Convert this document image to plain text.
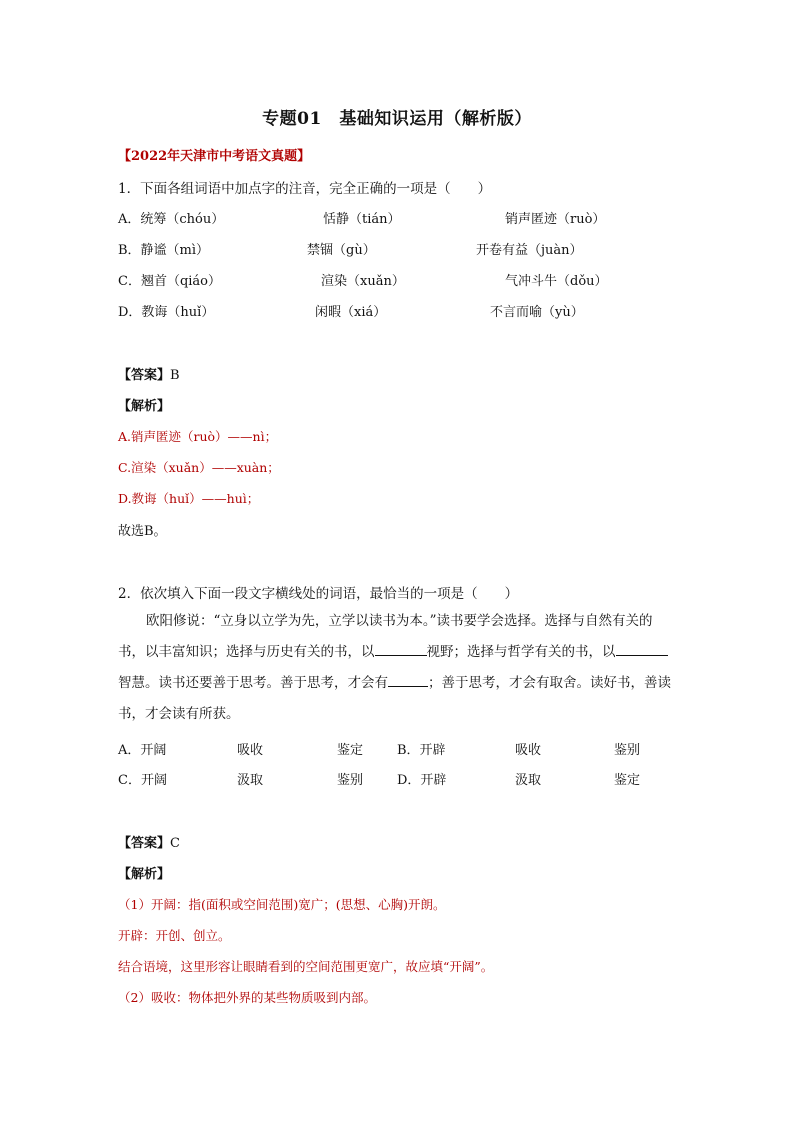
专题01　基础知识运用（解析版）
【2022年天津市中考语文真题】
1．下面各组词语中加点字的注音，完全正确的一项是（　　）
A．统筹（chóu）	恬静（tián）	销声匿迹（ruò）
B．静谧（mì）	禁锢（gù）	开卷有益（juàn）
C．翘首（qiáo）	渲染（xuǎn）	气冲斗牛（dǒu）
D．教诲（huǐ）	闲暇（xiá）	不言而喻（yù）
【答案】B
【解析】
A.销声匿迹（ruò）——nì；
C.渲染（xuǎn）——xuàn；
D.教诲（huǐ）——huì；
故选B。
2．依次填入下面一段文字横线处的词语，最恰当的一项是（　　）
欧阳修说：“立身以立学为先，立学以读书为本。”读书要学会选择。选择与自然有关的书，以丰富知识；选择与历史有关的书，以	视野；选择与哲学有关的书，以智慧。读书还要善于思考。善于思考，才会有	；善于思考，才会有取舍。读好书，善读书，才会读有所获。
A．开阔	吸收	鉴定	B．开辟	吸收	鉴别
C．开阔	汲取	鉴别	D．开辟	汲取	鉴定
【答案】C
【解析】
（1）开阔：指(面积或空间范围)宽广；(思想、心胸)开朗。
开辟：开创、创立。
结合语境，这里形容让眼睛看到的空间范围更宽广，故应填“开阔”。
（2）吸收：物体把外界的某些物质吸到内部。
